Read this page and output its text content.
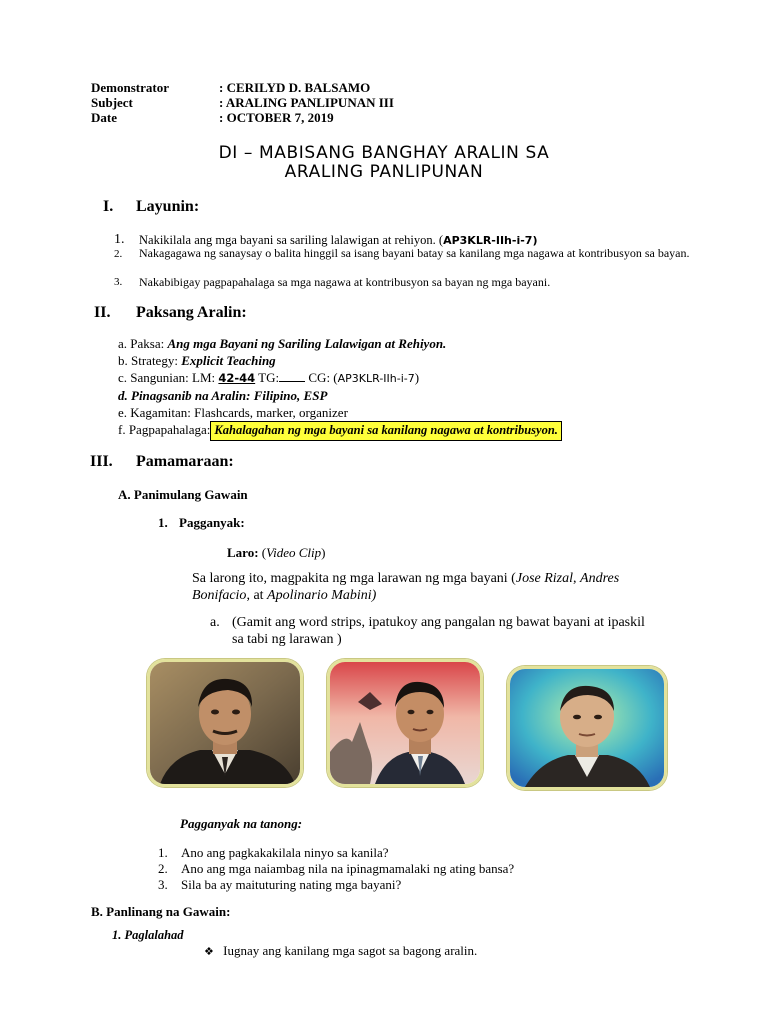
Demonstrator	: CERILYD D. BALSAMO
Subject	: ARALING PANLIPUNAN III
Date	: OCTOBER 7, 2019
DI – MABISANG BANGHAY ARALIN SA
ARALING PANLIPUNAN
I. Layunin:
1.	Nakikilala ang mga bayani sa sariling lalawigan at rehiyon. (AP3KLR-IIh-i-7)
2.	Nakagagawa ng sanaysay o balita hinggil sa isang bayani batay sa kanilang mga nagawa at kontribusyon sa bayan.
3.	Nakabibigay pagpapahalaga sa mga nagawa at kontribusyon sa bayan ng mga bayani.
II. Paksang Aralin:
a. Paksa: Ang mga Bayani ng Sariling Lalawigan at Rehiyon.
b. Strategy: Explicit Teaching
c. Sangunian: LM: 42-44 TG: CG: (AP3KLR-IIh-i-7)
d. Pinagsanib na Aralin: Filipino, ESP
e. Kagamitan: Flashcards, marker, organizer
f. Pagpapahalaga: Kahalagahan ng mga bayani sa kanilang nagawa at kontribusyon.
III. Pamamaraan:
A. Panimulang Gawain
1. Pagganyak:
Laro: (Video Clip)
Sa larong ito, magpakita ng mga larawan ng mga bayani (Jose Rizal, Andres Bonifacio, at Apolinario Mabini)
a. (Gamit ang word strips, ipatukoy ang pangalan ng bawat bayani at ipaskil
sa tabi ng larawan )
Pagganyak na tanong:
1. Ano ang pagkakakilala ninyo sa kanila?
2. Ano ang mga naiambag nila na ipinagmamalaki ng ating bansa?
3. Sila ba ay maituturing nating mga bayani?
B. Panlinang na Gawain:
1. Paglalahad
❖ Iugnay ang kanilang mga sagot sa bagong aralin.
